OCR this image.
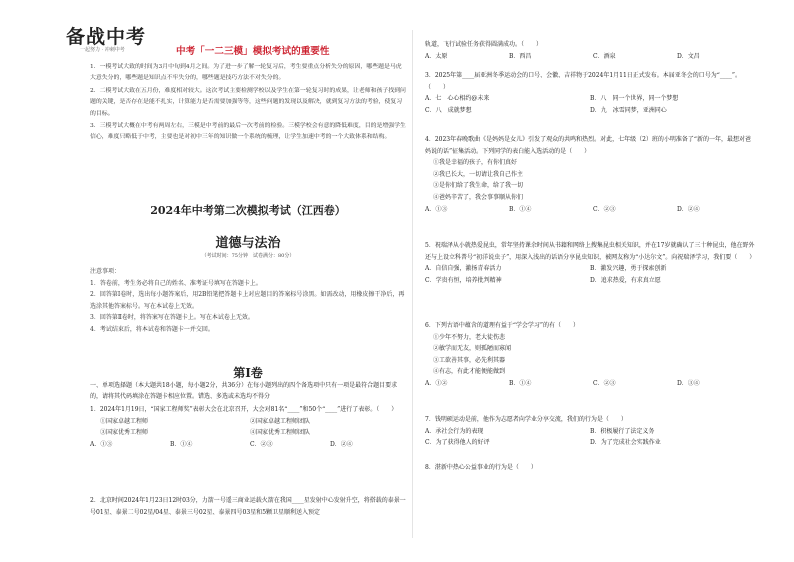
备战中考
一起努力 · 冲刺中考	中考「一二三模」模拟考试的重要性

1．一模考试大致的时间为3月中旬到4月之间。为了进一步了解一轮复习后，考生要重点分析失分的原因，哪些题是马虎大意失分的，哪些题是知识点不牢失分的，哪些题是技巧方法不对失分的。

2．二模考试大致在五月份，难度相对较大。这次考试主要检测学校以及学生在第一轮复习时的成果，让老师和孩子找到问题的关键，是否存在是能不扎实，计算能力是否需要加强等等，这些问题的发现以及解决，就到复习方法的考验，使复习的目标。

3．三模考试大概在中考有两周左右，三模是中考前的最后一次考前的检验。三模学校会有意的降低难度，目的是增强学生信心，难度只略低于中考，主要也是对初中三年的知识做一个系统的梳理，让学生加速中考的一个大致体系和结构。

2024年中考第二次模拟考试（江西卷）
道德与法治
（考试时间：75分钟　试卷满分：80分）
注意事项：
1．答卷前，考生务必将自己的姓名、准考证号填写在答题卡上。
2．回答第Ⅰ卷时，选出每小题答案后，用2B铅笔把答题卡上对应题目的答案标号涂黑。如需改动，用橡皮擦干净后，再选涂其他答案标号。写在本试卷上无效。
3．回答第Ⅱ卷时，将答案写在答题卡上。写在本试卷上无效。
4．考试结束后，将本试卷和答题卡一并交回。
第Ⅰ卷
一、单项选择题（本大题共18小题，每小题2分，共36分）在每小题列出的四个备选项中只有一项是最符合题目要求的，请将其代码填涂在答题卡相应位置。错选、多选或未选均不得分
1．2024年1月19日，“国家工程师奖”表彰大会在北京召开，大会对81名“____”和50个“____”进行了表彰。（　　）
①国家卓越工程师	②国家卓越工程师团队
③国家优秀工程师	④国家优秀工程师团队
A．①③	B．①④	C．②③	D．②④
2．北京时间2024年1月23日12时03分，力箭一号遥三商业运载火箭在我国____星发射中心发射升空，将搭载的泰景一号01星、泰景二号02星/04星、泰景三号02星、泰景四号03星和5颗卫星顺利送入预定
轨道，飞行试验任务获得圆满成功。（　　）
A．太原	B．西昌	C．酒泉	D．文昌
3．2025年第____届亚洲冬季运动会的口号、会徽、吉祥物于2024年1月11日正式发布。本届亚冬会的口号为“____”。（　　）
A．七　心心相约@未来	B．八　同一个世界，同一个梦想
C．八　成就梦想	D．九　冰雪同梦，亚洲同心
4．2023年春晚歌曲《是妈妈是女儿》引发了观众的共鸣和热烈。对此，七年级（2）班的小明准备了“新的一年，最想对爸妈说的话”征集活动。下列同学的表白能入选活动的是（　　）
①我是幸福的孩子，有你们真好
②我已长大，一切请让我自己作主
③是你们给了我生命，给了我一切
④爸妈辛苦了，我会事事顺从你们
A．①③	B．①④	C．②③	D．②④
5．祝瑞泽从小就热爱昆虫，常年坚持课余时间从书籍和网络上搜集昆虫相关知识，并在17岁就确认了三十种昆虫，他在野外还与上设立科普号“初洋说虫子”，用深入浅出的话语分享昆虫知识，被网友称为“小达尔文”。向祝瑞泽学习，我们要（　　）
A．自信自强，激扬青春活力	B．激发兴趣，勇于探索创新
C．学贵有恒，培养批判精神	D．追求热爱，有求真立愿
6．下列古语中蕴含的道理有益于“学会学习”的有（　　）
①少年不努力，老大徒伤悲
②敏学而无友，则孤陋而寡闻
③工欲善其事，必先利其器
④有志，有此才能便能做到
A．①②	B．①④	C．②③	D．③④
7．钱明硕运动是前，他作为志愿者向学业分享交流，我们的行为是（　　）
A．承社会行为的表现	B．积极履行了法定义务
C．为了获得他人的好评	D．为了完成社会实践作业
8．湛新中热心公益事业的行为是（　　）
